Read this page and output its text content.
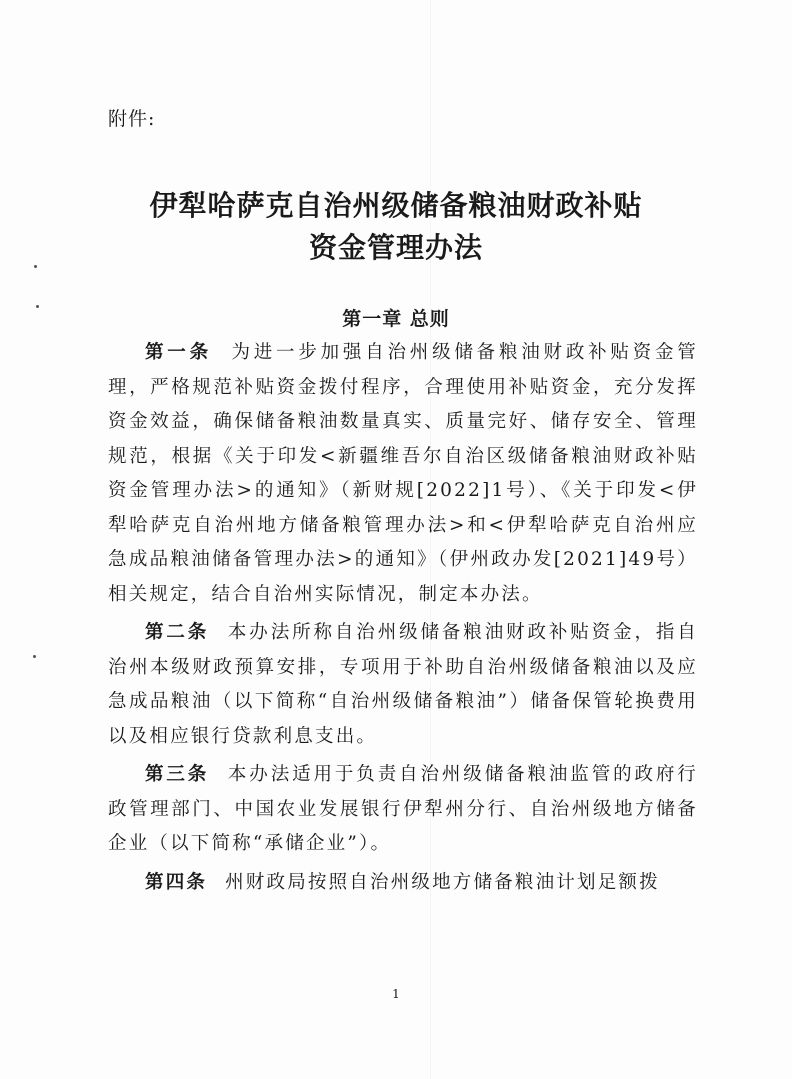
附件:
伊犁哈萨克自治州级储备粮油财政补贴
资金管理办法
第一章 总则

第一条 为进一步加强自治州级储备粮油财政补贴资金管理，严格规范补贴资金拨付程序，合理使用补贴资金，充分发挥资金效益，确保储备粮油数量真实、质量完好、储存安全、管理规范，根据《关于印发<新疆维吾尔自治区级储备粮油财政补贴资金管理办法>的通知》（新财规[2022]1号）、《关于印发<伊犁哈萨克自治州地方储备粮管理办法>和<伊犁哈萨克自治州应急成品粮油储备管理办法>的通知》（伊州政办发[2021]49号）相关规定，结合自治州实际情况，制定本办法。

第二条 本办法所称自治州级储备粮油财政补贴资金，指自治州本级财政预算安排，专项用于补助自治州级储备粮油以及应急成品粮油（以下简称“自治州级储备粮油”）储备保管轮换费用以及相应银行贷款利息支出。

第三条 本办法适用于负责自治州级储备粮油监管的政府行政管理部门、中国农业发展银行伊犁州分行、自治州级地方储备企业（以下简称“承储企业”）。

第四条 州财政局按照自治州级地方储备粮油计划足额拨

1
